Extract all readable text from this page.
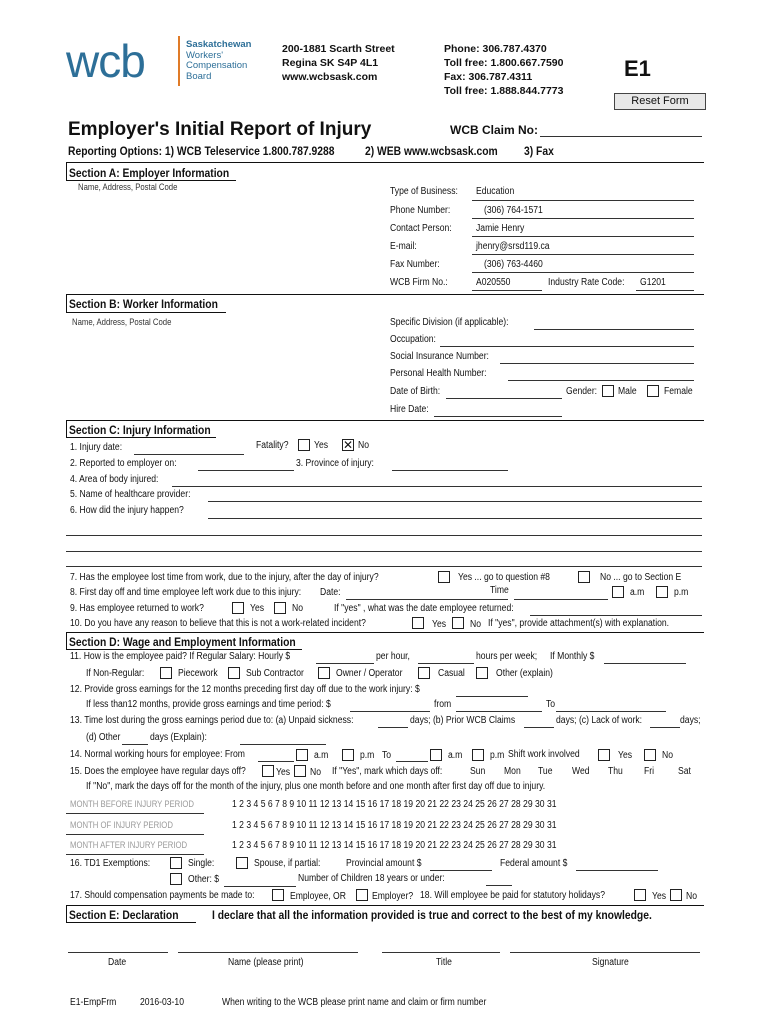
wcb	Saskatchewan
Workers'
Compensation
Board
200-1881 Scarth Street
Regina SK S4P 4L1
www.wcbsask.com
Phone: 306.787.4370
Toll free: 1.800.667.7590
Fax: 306.787.4311
Toll free: 1.888.844.7773
E1
Reset Form
Employer's Initial Report of Injury	WCB Claim No:
Reporting Options: 1) WCB Teleservice 1.800.787.9288	2) WEB www.wcbsask.com 3) Fax
Section A: Employer Information
Name, Address, Postal Code	Type of Business: Education
Phone Number:	(306) 764-1571
Contact Person: Jamie Henry
E-mail:	jhenry@srsd119.ca
Fax Number:	(306) 763-4460
WCB Firm No.:	A020550	Industry Rate Code: G1201
Section B: Worker Information
Name, Address, Postal Code	Specific Division (if applicable):
Occupation:
Social Insurance Number:
Personal Health Number:
Date of Birth:	Gender: Male	Female
Hire Date:
Section C: Injury Information
1. Injury date:	Fatality?	Yes ✕ No
2. Reported to employer on:	3. Province of injury:
4. Area of body injured:
5. Name of healthcare provider:
6. How did the injury happen?
7. Has the employee lost time from work, due to the injury, after the day of injury?	Yes ... go to question #8	No ... go to Section E
8. First day off and time employee left work due to this injury: Date:	Time	a.m	p.m
9. Has employee returned to work?	Yes	No	If "yes" , what was the date employee returned:
10. Do you have any reason to believe that this is not a work-related incident?	Yes No If "yes", provide attachment(s) with explanation.
Section D: Wage and Employment Information
11. How is the employee paid? If Regular Salary: Hourly $	per hour,	hours per week; If Monthly $
If Non-Regular:	Piecework	Sub Contractor	Owner / Operator	Casual	Other (explain)
12. Provide gross earnings for the 12 months preceding first day off due to the work injury: $
If less than12 months, provide gross earnings and time period: $	from	To
13. Time lost during the gross earnings period due to: (a) Unpaid sickness:	days; (b) Prior WCB Claims	days; (c) Lack of work:	days;
(d) Other	days (Explain):
14. Normal working hours for employee: From	a.m	p.m To	a.m	p.m Shift work involved	Yes	No
15. Does the employee have regular days off?	Yes No If "Yes", mark which days off:	Sun Mon Tue Wed Thu Fri Sat
If "No", mark the days off for the month of the injury, plus one month before and one month after first day off due to injury.
MONTH BEFORE INJURY PERIOD	1 2 3 4 5 6 7 8 9 10 11 12 13 14 15 16 17 18 19 20 21 22 23 24 25 26 27 28 29 30 31
MONTH OF INJURY PERIOD	1 2 3 4 5 6 7 8 9 10 11 12 13 14 15 16 17 18 19 20 21 22 23 24 25 26 27 28 29 30 31
MONTH AFTER INJURY PERIOD	1 2 3 4 5 6 7 8 9 10 11 12 13 14 15 16 17 18 19 20 21 22 23 24 25 26 27 28 29 30 31
16. TD1 Exemptions:	Single:	Spouse, if partial:	Provincial amount $	Federal amount $
Other: $	Number of Children 18 years or under:
17. Should compensation payments be made to:	Employee, OR	Employer? 18. Will employee be paid for statutory holidays?	Yes No
Section E: Declaration	I declare that all the information provided is true and correct to the best of my knowledge.
Date	Name (please print)	Title	Signature
E1-EmpFrm 2016-03-10	When writing to the WCB please print name and claim or firm number
